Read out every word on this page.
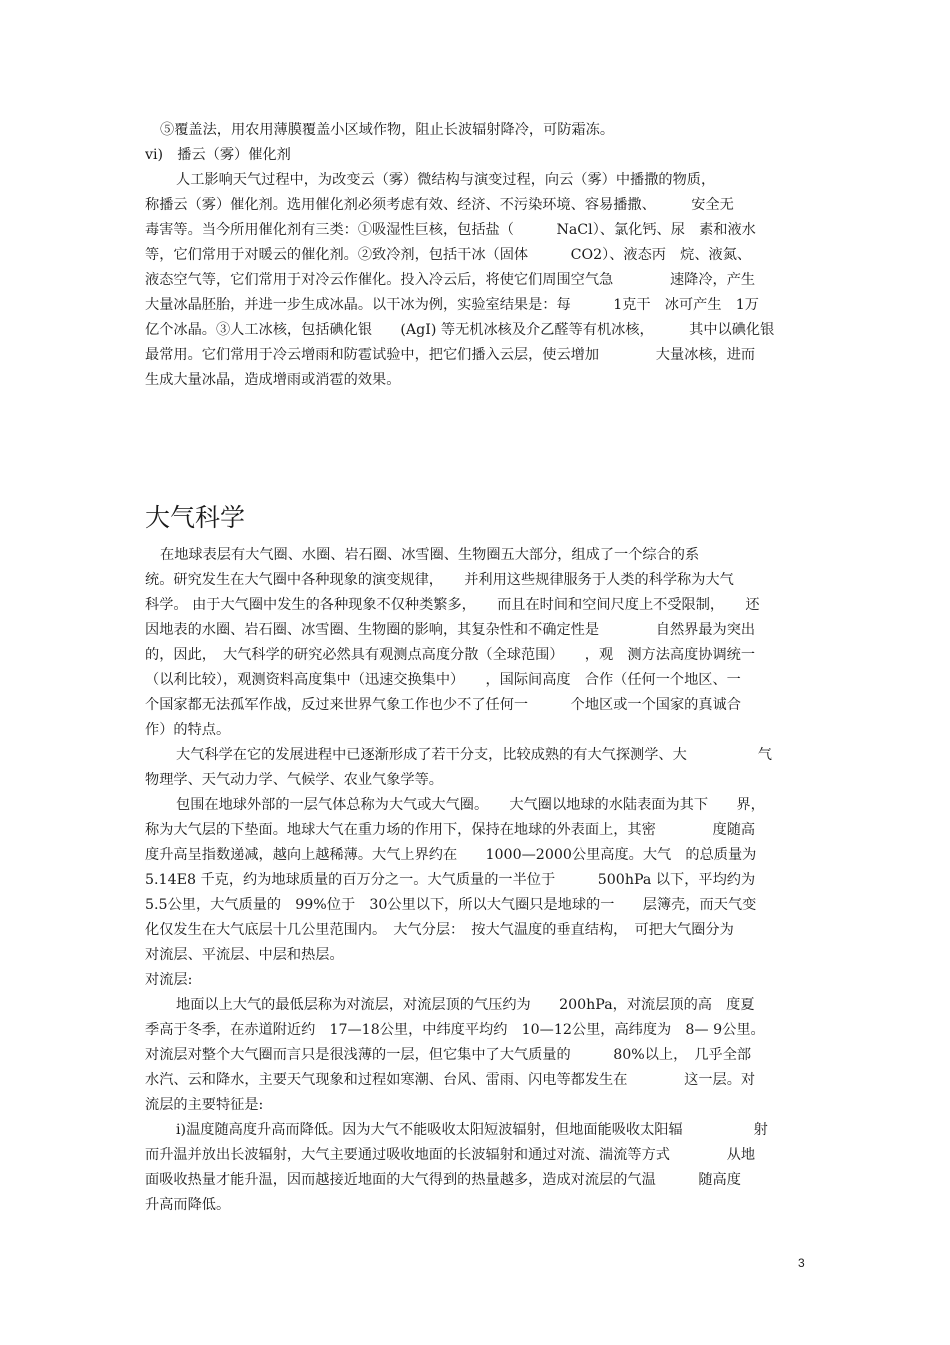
⑤覆盖法，用农用薄膜覆盖小区域作物，阻止长波辐射降冷，可防霜冻。
vi)　播云（雾）催化剂
人工影响天气过程中，为改变云（雾）微结构与演变过程，向云（雾）中播撒的物质，
称播云（雾）催化剂。选用催化剂必须考虑有效、经济、不污染环境、容易播撒、　　　安全无
毒害等。当今所用催化剂有三类：①吸湿性巨核，包括盐（　　　NaCl）、氯化钙、尿　素和液水
等，它们常用于对暖云的催化剂。②致冷剂，包括干冰（固体　　　CO2）、液态丙　烷、液氮、
液态空气等，它们常用于对冷云作催化。投入冷云后，将使它们周围空气急　　　　速降冷，产生
大量冰晶胚胎，并进一步生成冰晶。以干冰为例，实验室结果是：每　　　1克干　冰可产生　1万
亿个冰晶。③人工冰核，包括碘化银　　(AgI) 等无机冰核及介乙醛等有机冰核，　　　其中以碘化银
最常用。它们常用于冷云增雨和防雹试验中，把它们播入云层，使云增加　　　　大量冰核，进而
生成大量冰晶，造成增雨或消雹的效果。
大气科学
在地球表层有大气圈、水圈、岩石圈、冰雪圈、生物圈五大部分，组成了一个综合的系
统。研究发生在大气圈中各种现象的演变规律，　　并利用这些规律服务于人类的科学称为大气
科学。 由于大气圈中发生的各种现象不仅种类繁多，　　而且在时间和空间尺度上不受限制，　　还
因地表的水圈、岩石圈、冰雪圈、生物圈的影响，其复杂性和不确定性是　　　　自然界最为突出
的，因此，　大气科学的研究必然具有观测点高度分散（全球范围）　　，观　测方法高度协调统一
（以利比较），观测资料高度集中（迅速交换集中）　　，国际间高度　合作（任何一个地区、一
个国家都无法孤军作战，反过来世界气象工作也少不了任何一　　　个地区或一个国家的真诚合
作）的特点。
大气科学在它的发展进程中已逐渐形成了若干分支，比较成熟的有大气探测学、大　　　　　气
物理学、天气动力学、气候学、农业气象学等。
包围在地球外部的一层气体总称为大气或大气圈。　　大气圈以地球的水陆表面为其下　　界，
称为大气层的下垫面。地球大气在重力场的作用下，保持在地球的外表面上，其密　　　　度随高
度升高呈指数递减，越向上越稀薄。大气上界约在　　1000—2000公里高度。大气　的总质量为
5.14E8 千克，约为地球质量的百万分之一。大气质量的一半位于　　　500hPa 以下，平均约为
5.5公里，大气质量的　99%位于　30公里以下，所以大气圈只是地球的一　　层簿壳，而天气变
化仅发生在大气底层十几公里范围内。　大气分层：　按大气温度的垂直结构，　可把大气圈分为
对流层、平流层、中层和热层。
对流层:
地面以上大气的最低层称为对流层，对流层顶的气压约为　　200hPa，对流层顶的高　度夏
季高于冬季，在赤道附近约　17—18公里，中纬度平均约　10—12公里，高纬度为　8— 9公里。
对流层对整个大气圈而言只是很浅薄的一层，但它集中了大气质量的　　　80%以上，　几乎全部
水汽、云和降水，主要天气现象和过程如寒潮、台风、雷雨、闪电等都发生在　　　　这一层。对
流层的主要特征是:
i)温度随高度升高而降低。因为大气不能吸收太阳短波辐射，但地面能吸收太阳辐　　　　　射
而升温并放出长波辐射，大气主要通过吸收地面的长波辐射和通过对流、湍流等方式　　　　从地
面吸收热量才能升温，因而越接近地面的大气得到的热量越多，造成对流层的气温　　　随高度
升高而降低。
3
